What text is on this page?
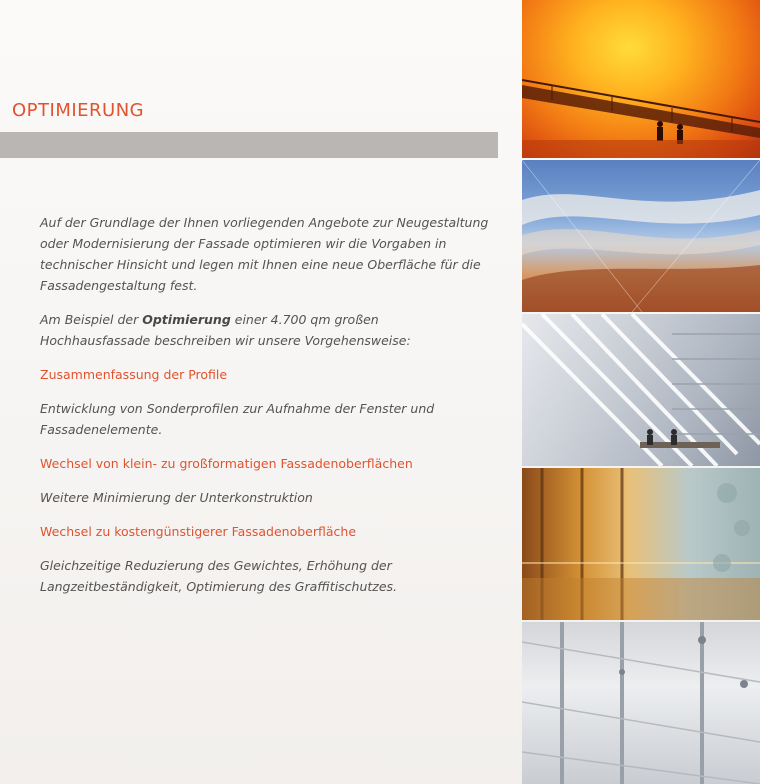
OPTIMIERUNG

Auf der Grundlage der Ihnen vorliegenden Angebote zur Neugestaltung oder Modernisierung der Fassade optimieren wir die Vorgaben in technischer Hinsicht und legen mit Ihnen eine neue Oberfläche für die Fassadengestaltung fest.

Am Beispiel der Optimierung einer 4.700 qm großen Hochhausfassade beschreiben wir unsere Vorgehensweise:

Zusammenfassung der Profile

Entwicklung von Sonderprofilen zur Aufnahme der Fenster und Fassadenelemente.

Wechsel von klein- zu großformatigen Fassadenoberflächen

Weitere Minimierung der Unterkonstruktion

Wechsel zu kostengünstigerer Fassadenoberfläche

Gleichzeitige Reduzierung des Gewichtes, Erhöhung der Langzeitbeständigkeit, Optimierung des Graffitischutzes.
